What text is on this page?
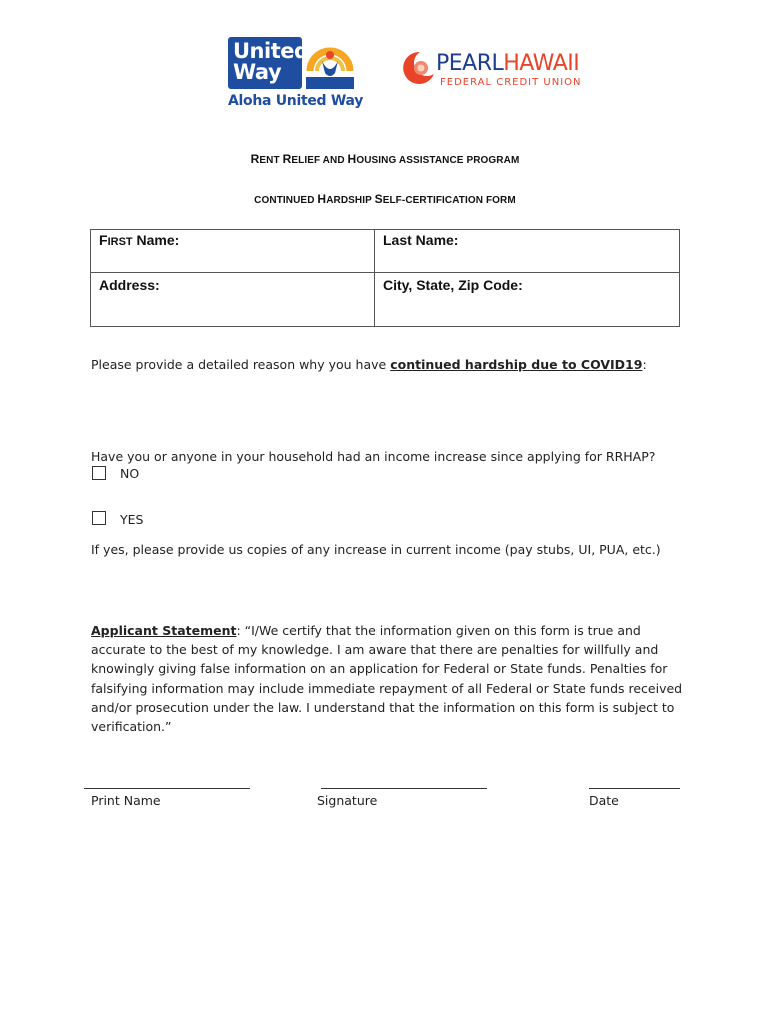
United
Way
Aloha United Way
PEARLHAWAII
FEDERAL CREDIT UNION
RENT RELIEF AND HOUSING ASSISTANCE PROGRAM
CONTINUED HARDSHIP SELF-CERTIFICATION FORM
FIRST Name:	Last Name:
Address:	City, State, Zip Code:
Please provide a detailed reason why you have continued hardship due to COVID19:
Have you or anyone in your household had an income increase since applying for RRHAP?
NO
YES
If yes, please provide us copies of any increase in current income (pay stubs, UI, PUA, etc.)
Applicant Statement: “I/We certify that the information given on this form is true and accurate to the best of my knowledge. I am aware that there are penalties for willfully and knowingly giving false information on an application for Federal or State funds. Penalties for falsifying information may include immediate repayment of all Federal or State funds received and/or prosecution under the law. I understand that the information on this form is subject to verification.”
Print Name	Signature	Date
